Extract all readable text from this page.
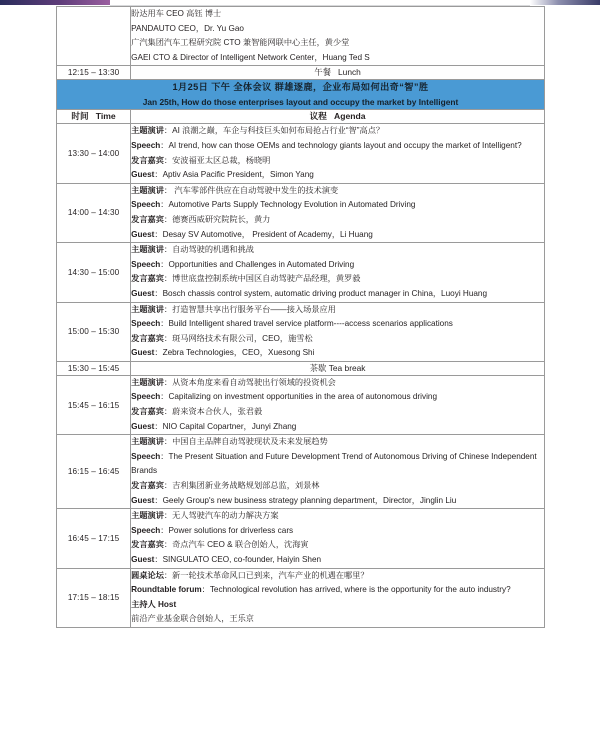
	盼达用车 CEO 高钰 博士
PANDAUTO CEO，Dr. Yu Gao
广汽集团汽车工程研究院 CTO 兼智能网联中心主任，黄少堂
GAEI CTO & Director of Intelligent Network Center，Huang Ted S

12:15 – 13:30	午餐 Lunch

1月25日 下午 全体会议 群雄逐鹿，企业布局如何出奇“智”胜
Jan 25th, How do those enterprises layout and occupy the market by Intelligent	

时间 Time	议程 Agenda
13:30 – 14:00	主题演讲：AI 浪潮之巅，车企与科技巨头如何布局抢占行业“智”高点？
Speech：AI trend, how can those OEMs and technology giants layout and occupy the market of Intelligent?
发言嘉宾：安波福亚太区总裁，杨晓明
Guest：Aptiv Asia Pacific President，Simon Yang

14:00 – 14:30	主题演讲： 汽车零部件供应在自动驾驶中发生的技术演变
Speech：Automotive Parts Supply Technology Evolution in Automated Driving
发言嘉宾：德赛西威研究院院长，黄力
Guest：Desay SV Automotive， President of Academy，Li Huang

14:30 – 15:00	主题演讲：自动驾驶的机遇和挑战
Speech：Opportunities and Challenges in Automated Driving
发言嘉宾：博世底盘控制系统中国区自动驾驶产品经理，黄罗毅
Guest：Bosch chassis control system, automatic driving product manager in China，Luoyi Huang

15:00 – 15:30	主题演讲：打造智慧共享出行服务平台——接入场景应用
Speech：Build Intelligent shared travel service platform----access scenarios applications
发言嘉宾：斑马网络技术有限公司，CEO，施雪松
Guest：Zebra Technologies，CEO，Xuesong Shi

15:30 – 15:45	茶歇 Tea break
15:45 – 16:15	主题演讲：从资本角度来看自动驾驶出行领域的投资机会
Speech：Capitalizing on investment opportunities in the area of autonomous driving
发言嘉宾：蔚来资本合伙人，张君毅
Guest：NIO Capital Copartner，Junyi Zhang

16:15 – 16:45	主题演讲：中国自主品牌自动驾驶现状及未来发展趋势
Speech：The Present Situation and Future Development Trend of Autonomous Driving of Chinese Independent Brands
发言嘉宾：吉利集团新业务战略规划部总监，刘景林
Guest：Geely Group's new business strategy planning department，Director，Jinglin Liu

16:45 – 17:15	主题演讲：无人驾驶汽车的动力解决方案
Speech：Power solutions for driverless cars
发言嘉宾：奇点汽车 CEO & 联合创始人，沈海寅
Guest：SINGULATO CEO, co-founder, Haiyin Shen

17:15 – 18:15	圆桌论坛：新一轮技术革命风口已到来，汽车产业的机遇在哪里？
Roundtable forum：Technological revolution has arrived, where is the opportunity for the auto industry?
主持人 Host
前沿产业基金联合创始人，王乐京
